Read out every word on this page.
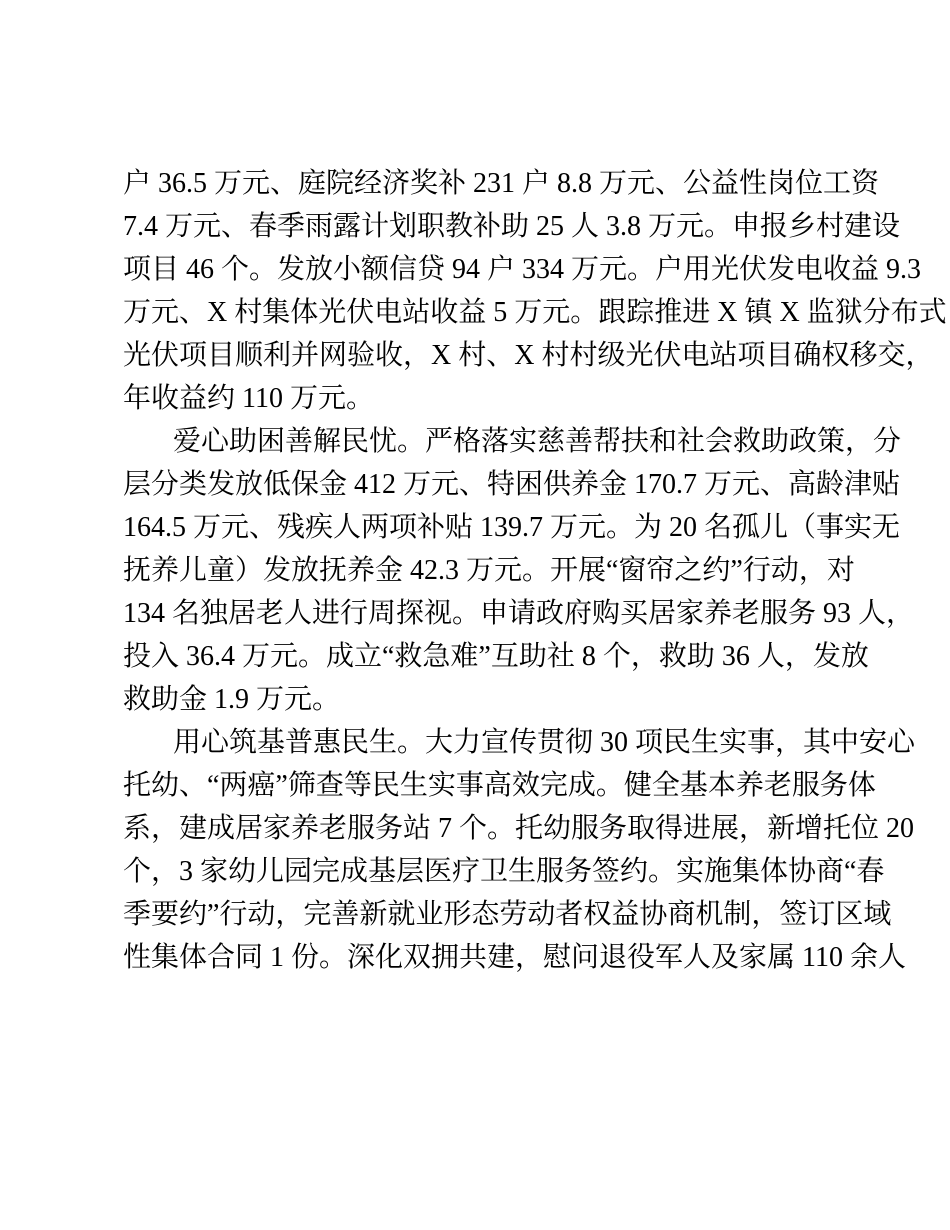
户 36.5 万元、庭院经济奖补 231 户 8.8 万元、公益性岗位工资
7.4 万元、春季雨露计划职教补助 25 人 3.8 万元。申报乡村建设
项目 46 个。发放小额信贷 94 户 334 万元。户用光伏发电收益 9.3
万元、X 村集体光伏电站收益 5 万元。跟踪推进 X 镇 X 监狱分布式
光伏项目顺利并网验收，X 村、X 村村级光伏电站项目确权移交，
年收益约 110 万元。
爱心助困善解民忧。严格落实慈善帮扶和社会救助政策，分
层分类发放低保金 412 万元、特困供养金 170.7 万元、高龄津贴
164.5 万元、残疾人两项补贴 139.7 万元。为 20 名孤儿（事实无
抚养儿童）发放抚养金 42.3 万元。开展“窗帘之约”行动，对
134 名独居老人进行周探视。申请政府购买居家养老服务 93 人，
投入 36.4 万元。成立“救急难”互助社 8 个，救助 36 人，发放
救助金 1.9 万元。
用心筑基普惠民生。大力宣传贯彻 30 项民生实事，其中安心
托幼、“两癌”筛查等民生实事高效完成。健全基本养老服务体
系，建成居家养老服务站 7 个。托幼服务取得进展，新增托位 20
个，3 家幼儿园完成基层医疗卫生服务签约。实施集体协商“春
季要约”行动，完善新就业形态劳动者权益协商机制，签订区域
性集体合同 1 份。深化双拥共建，慰问退役军人及家属 110 余人
